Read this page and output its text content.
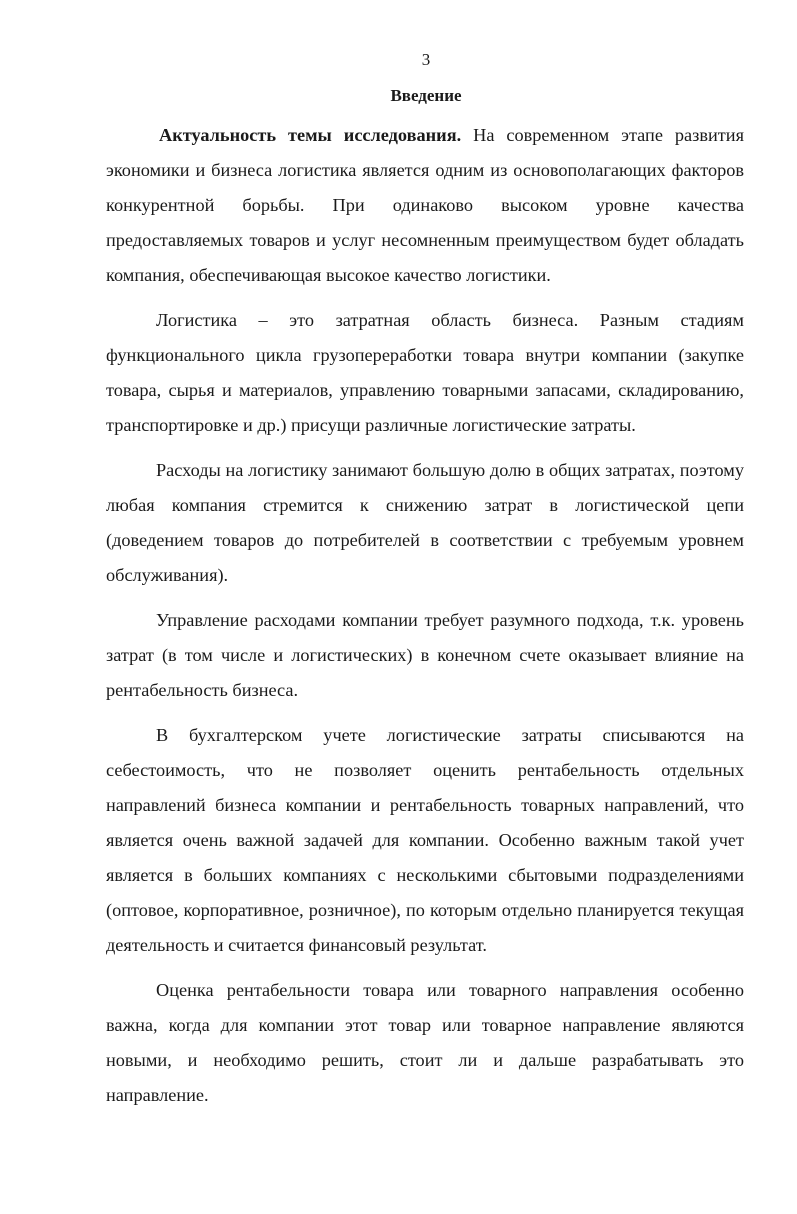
3
Введение

Актуальность темы исследования. На современном этапе развития экономики и бизнеса логистика является одним из основополагающих факторов конкурентной борьбы. При одинаково высоком уровне качества предоставляемых товаров и услуг несомненным преимуществом будет обладать компания, обеспечивающая высокое качество логистики.

Логистика – это затратная область бизнеса. Разным стадиям функционального цикла грузопереработки товара внутри компании (закупке товара, сырья и материалов, управлению товарными запасами, складированию, транспортировке и др.) присущи различные логистические затраты.

Расходы на логистику занимают большую долю в общих затратах, поэтому любая компания стремится к снижению затрат в логистической цепи (доведением товаров до потребителей в соответствии с требуемым уровнем обслуживания).

Управление расходами компании требует разумного подхода, т.к. уровень затрат (в том числе и логистических) в конечном счете оказывает влияние на рентабельность бизнеса.

В бухгалтерском учете логистические затраты списываются на себестоимость, что не позволяет оценить рентабельность отдельных направлений бизнеса компании и рентабельность товарных направлений, что является очень важной задачей для компании. Особенно важным такой учет является в больших компаниях с несколькими сбытовыми подразделениями (оптовое, корпоративное, розничное), по которым отдельно планируется текущая деятельность и считается финансовый результат.

Оценка рентабельности товара или товарного направления особенно важна, когда для компании этот товар или товарное направление являются новыми, и необходимо решить, стоит ли и дальше разрабатывать это направление.
